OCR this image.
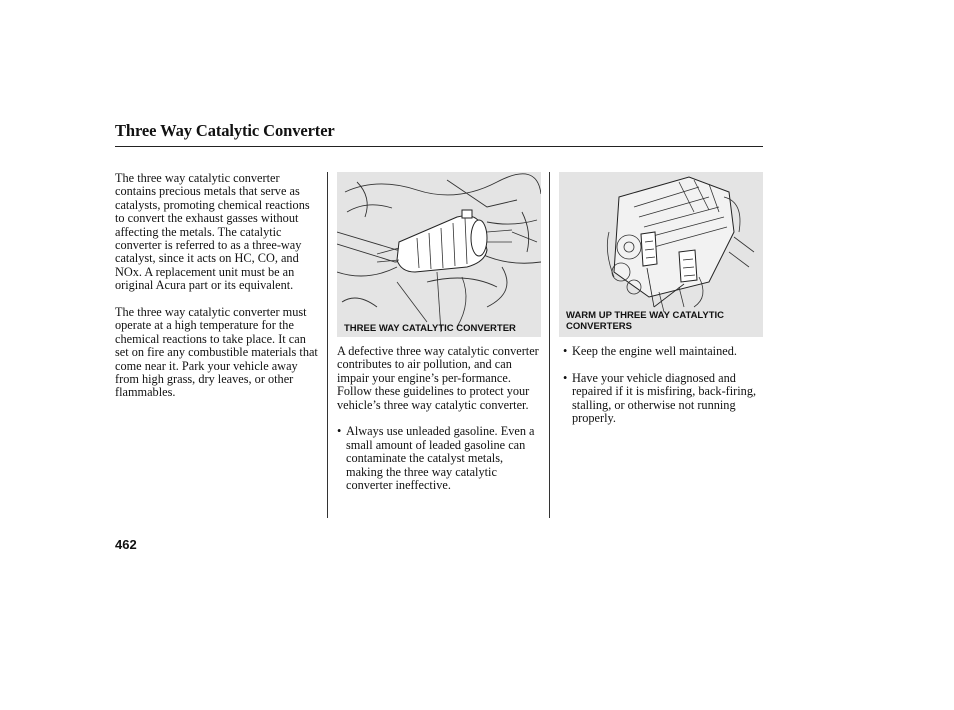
Three Way Catalytic Converter

The three way catalytic converter contains precious metals that serve as catalysts, promoting chemical reactions to convert the exhaust gasses without affecting the metals. The catalytic converter is referred to as a three-way catalyst, since it acts on HC, CO, and NOx. A replacement unit must be an original Acura part or its equivalent.

The three way catalytic converter must operate at a high temperature for the chemical reactions to take place. It can set on fire any combustible materials that come near it. Park your vehicle away from high grass, dry leaves, or other flammables.

THREE WAY CATALYTIC CONVERTER

A defective three way catalytic converter contributes to air pollution, and can impair your engine’s per-formance. Follow these guidelines to protect your vehicle’s three way catalytic converter.

• Always use unleaded gasoline. Even a small amount of leaded gasoline can contaminate the catalyst metals, making the three way catalytic converter ineffective.
WARM UP THREE WAY CATALYTIC CONVERTERS
• Keep the engine well maintained.
• Have your vehicle diagnosed and repaired if it is misfiring, back-firing, stalling, or otherwise not running properly.
462
